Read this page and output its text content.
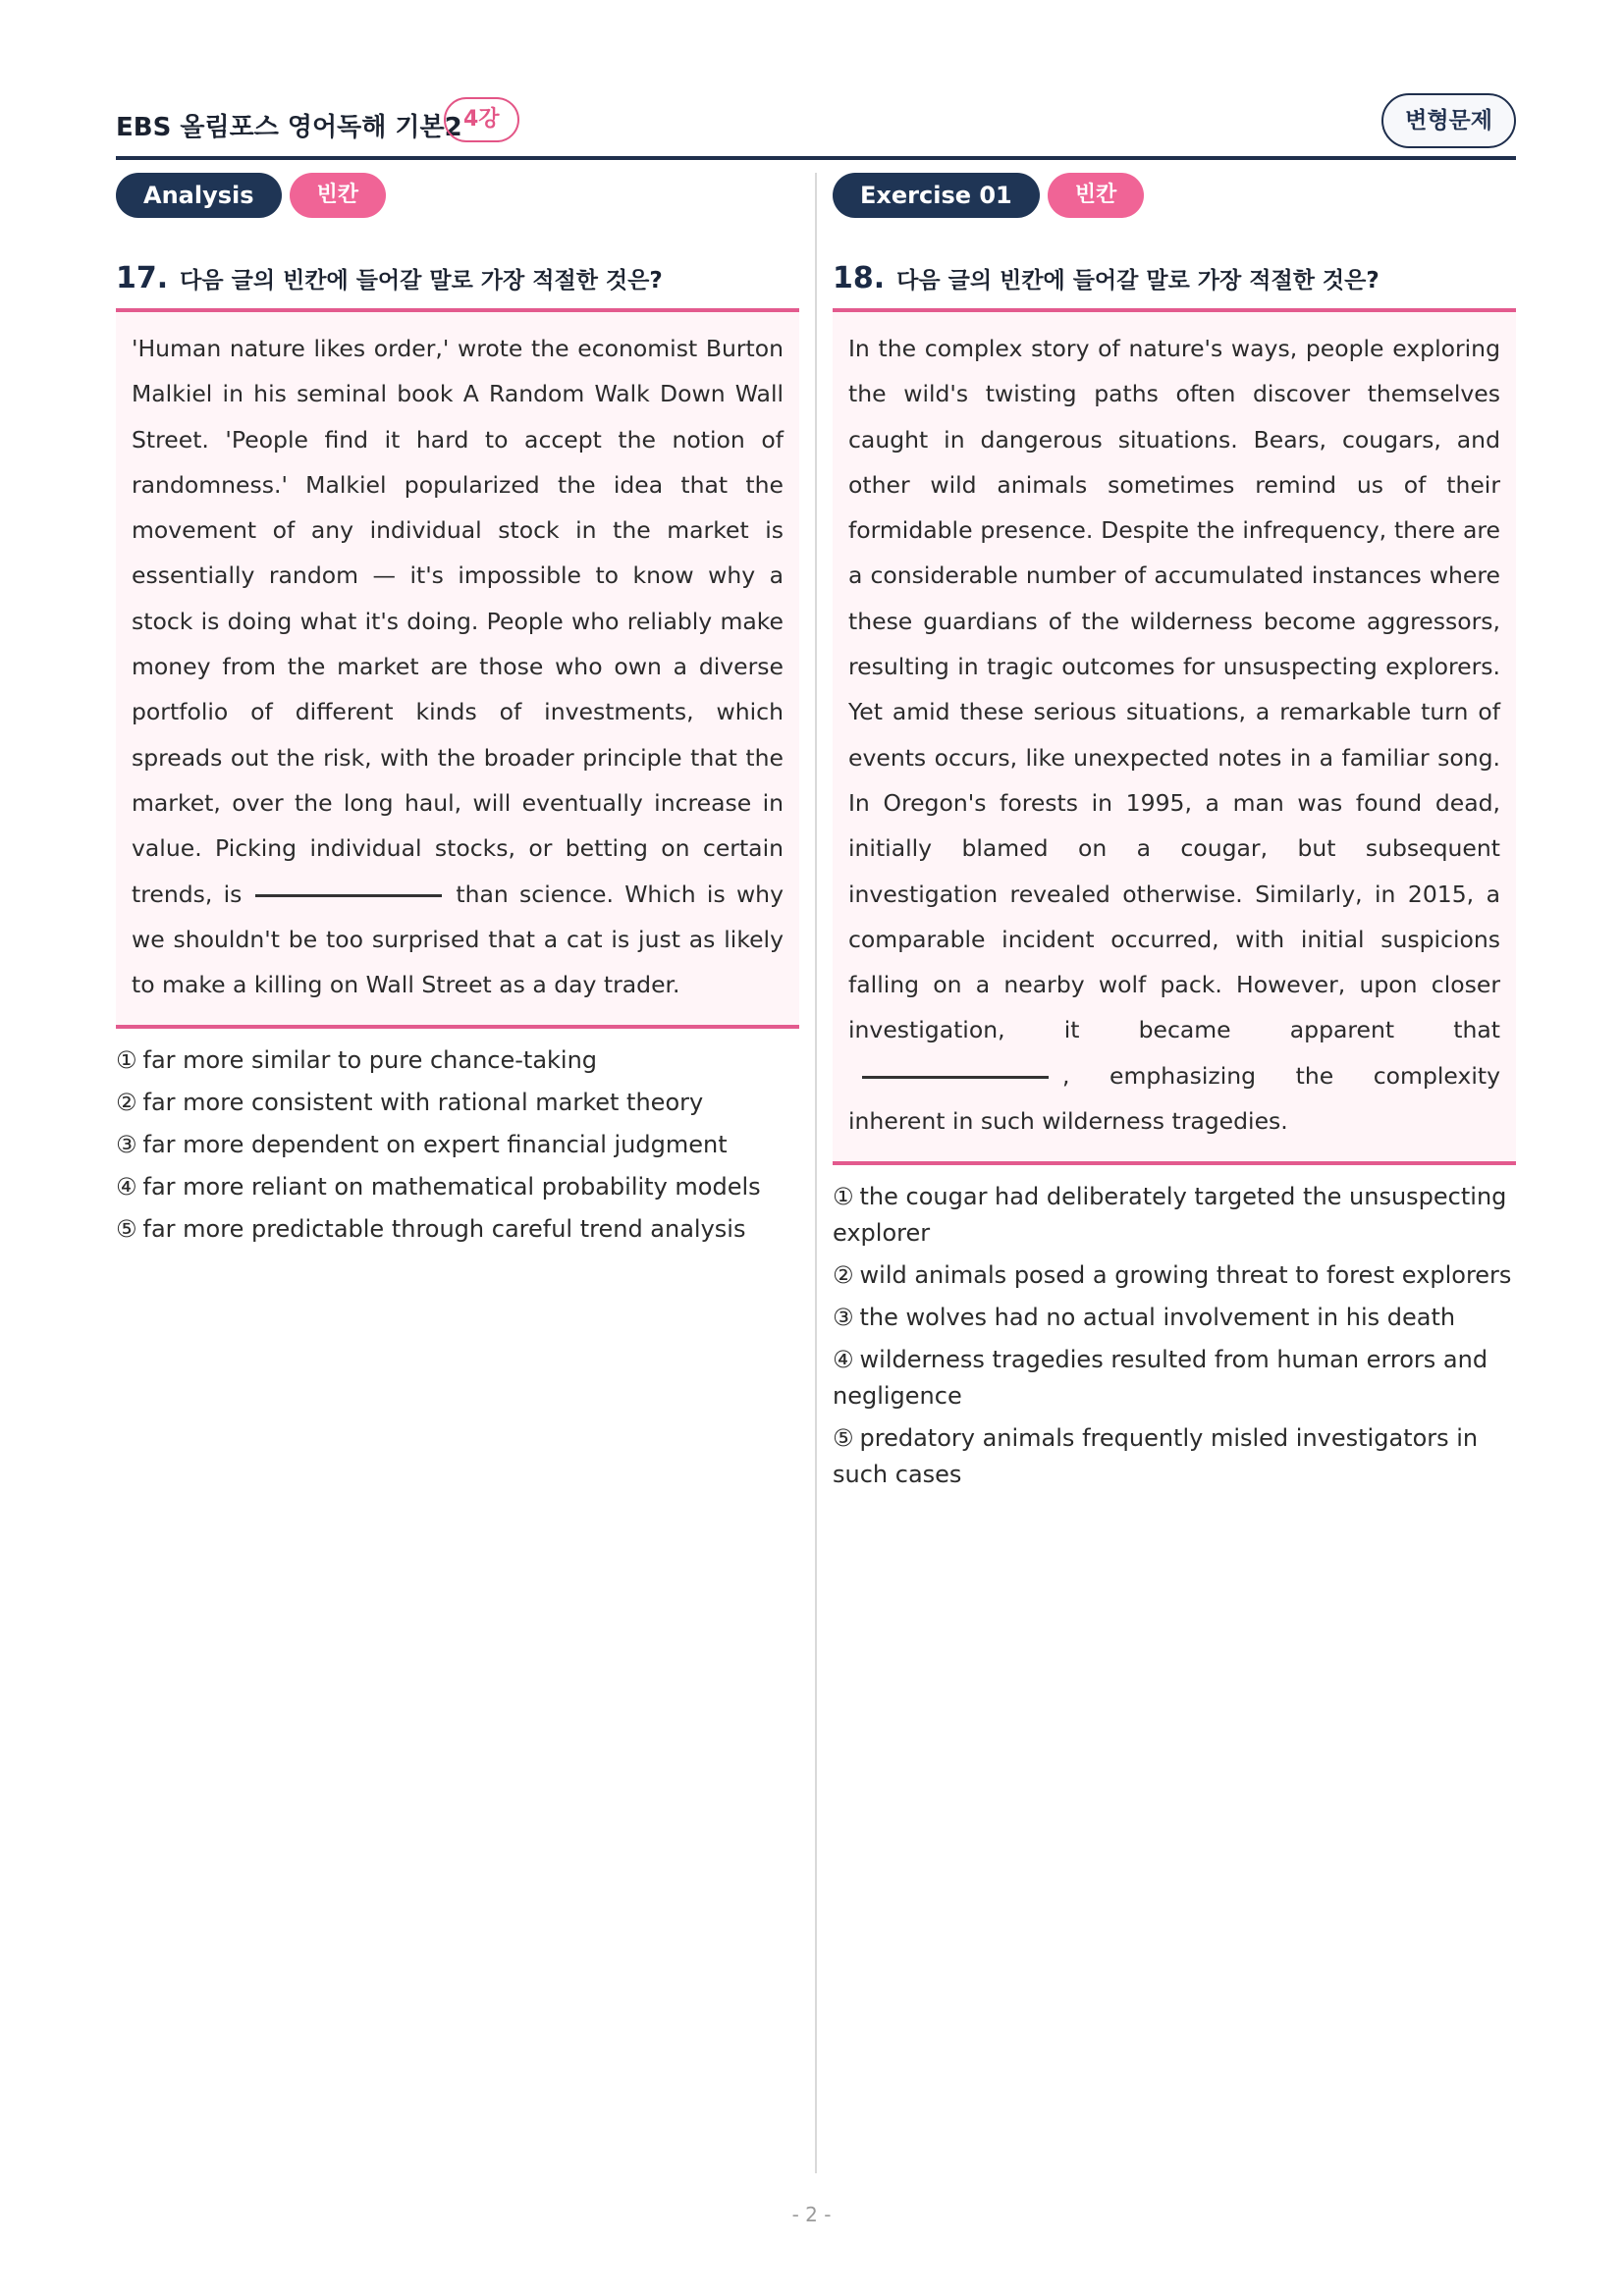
EBS 올림포스 영어독해 기본2 4강	변형문제
Analysis	빈칸
17. 다음 글의 빈칸에 들어갈 말로 가장 적절한 것은?
'Human nature likes order,' wrote the economist Burton Malkiel in his seminal book A Random Walk Down Wall Street. 'People find it hard to accept the notion of randomness.' Malkiel popularized the idea that the movement of any individual stock in the market is essentially random — it's impossible to know why a stock is doing what it's doing. People who reliably make money from the market are those who own a diverse portfolio of different kinds of investments, which spreads out the risk, with the broader principle that the market, over the long haul, will eventually increase in value. Picking individual stocks, or betting on certain trends, is	than science. Which is why we shouldn't be too surprised that a cat is just as likely to make a killing on Wall Street as a day trader.
① far more similar to pure chance-taking
② far more consistent with rational market theory
③ far more dependent on expert financial judgment
④ far more reliant on mathematical probability models
⑤ far more predictable through careful trend analysis
Exercise 01	빈칸
18. 다음 글의 빈칸에 들어갈 말로 가장 적절한 것은?
In the complex story of nature's ways, people exploring the wild's twisting paths often discover themselves caught in dangerous situations. Bears, cougars, and other wild animals sometimes remind us of their formidable presence. Despite the infrequency, there are a considerable number of accumulated instances where these guardians of the wilderness become aggressors, resulting in tragic outcomes for unsuspecting explorers. Yet amid these serious situations, a remarkable turn of events occurs, like unexpected notes in a familiar song. In Oregon's forests in 1995, a man was found dead, initially blamed on a cougar, but subsequent investigation revealed otherwise. Similarly, in 2015, a comparable incident occurred, with initial suspicions falling on a nearby wolf pack. However, upon closer investigation, it became apparent that, emphasizing the complexity inherent in such wilderness tragedies.
① the cougar had deliberately targeted the unsuspecting explorer
② wild animals posed a growing threat to forest explorers
③ the wolves had no actual involvement in his death
④ wilderness tragedies resulted from human errors and negligence
⑤ predatory animals frequently misled investigators in such cases
- 2 -
